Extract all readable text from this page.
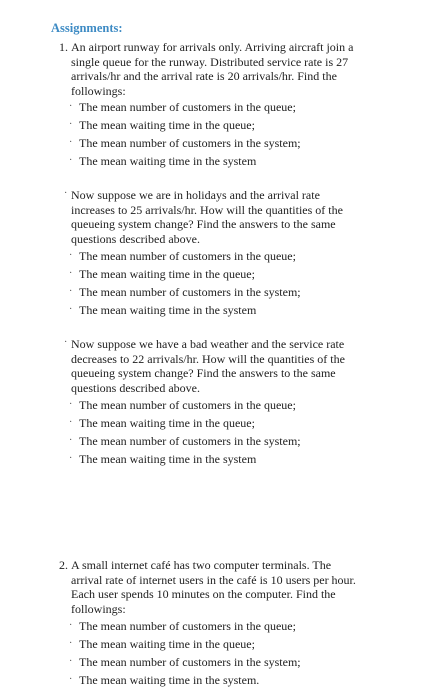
Assignments:
1. An airport runway for arrivals only. Arriving aircraft join a
single queue for the runway. Distributed service rate is 27
arrivals/hr and the arrival rate is 20 arrivals/hr. Find the
followings:
· The mean number of customers in the queue;
· The mean waiting time in the queue;
· The mean number of customers in the system;
· The mean waiting time in the system
· Now suppose we are in holidays and the arrival rate
increases to 25 arrivals/hr. How will the quantities of the
queueing system change? Find the answers to the same
questions described above.
· The mean number of customers in the queue;
· The mean waiting time in the queue;
· The mean number of customers in the system;
· The mean waiting time in the system
· Now suppose we have a bad weather and the service rate
decreases to 22 arrivals/hr. How will the quantities of the
queueing system change? Find the answers to the same
questions described above.
· The mean number of customers in the queue;
· The mean waiting time in the queue;
· The mean number of customers in the system;
· The mean waiting time in the system
2. A small internet café has two computer terminals. The
arrival rate of internet users in the café is 10 users per hour.
Each user spends 10 minutes on the computer. Find the
followings:
· The mean number of customers in the queue;
· The mean waiting time in the queue;
· The mean number of customers in the system;
· The mean waiting time in the system.
